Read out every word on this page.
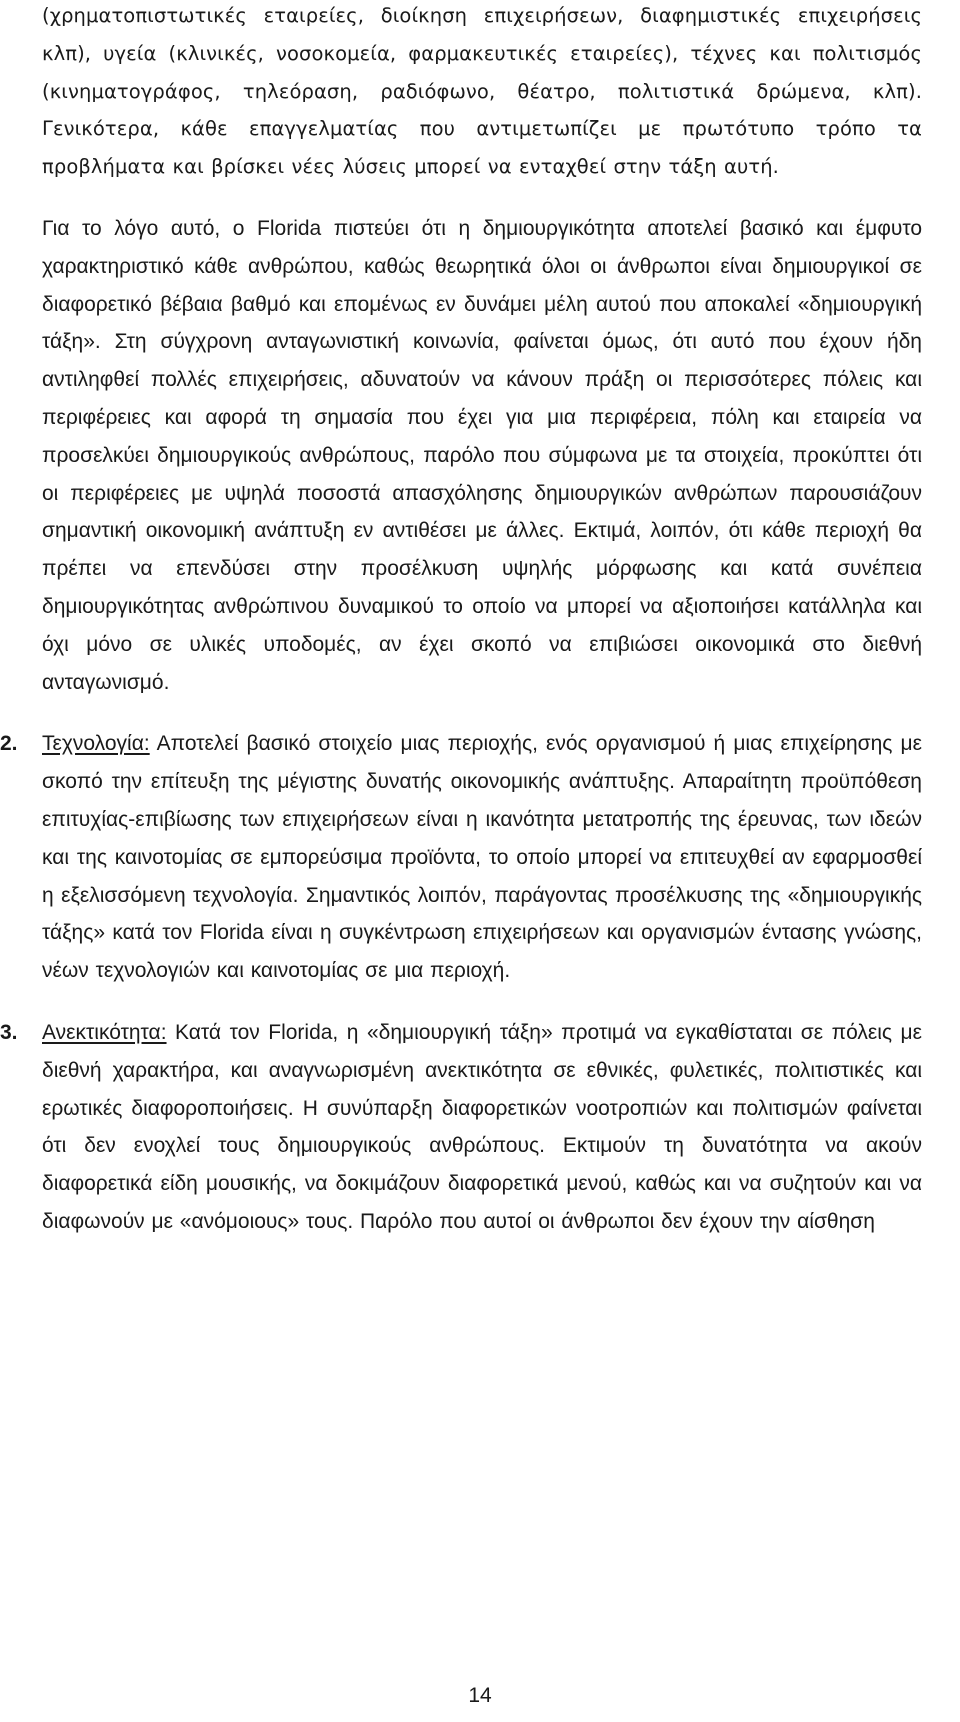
(χρηματοπιστωτικές εταιρείες, διοίκηση επιχειρήσεων, διαφημιστικές επιχειρήσεις κλπ), υγεία (κλινικές, νοσοκομεία, φαρμακευτικές εταιρείες), τέχνες και πολιτισμός (κινηματογράφος, τηλεόραση, ραδιόφωνο, θέατρο, πολιτιστικά δρώμενα, κλπ). Γενικότερα, κάθε επαγγελματίας που αντιμετωπίζει με πρωτότυπο τρόπο τα προβλήματα και βρίσκει νέες λύσεις μπορεί να ενταχθεί στην τάξη αυτή.

Για το λόγο αυτό, ο Florida πιστεύει ότι η δημιουργικότητα αποτελεί βασικό και έμφυτο χαρακτηριστικό κάθε ανθρώπου, καθώς θεωρητικά όλοι οι άνθρωποι είναι δημιουργικοί σε διαφορετικό βέβαια βαθμό και επομένως εν δυνάμει μέλη αυτού που αποκαλεί «δημιουργική τάξη». Στη σύγχρονη ανταγωνιστική κοινωνία, φαίνεται όμως, ότι αυτό που έχουν ήδη αντιληφθεί πολλές επιχειρήσεις, αδυνατούν να κάνουν πράξη οι περισσότερες πόλεις και περιφέρειες και αφορά τη σημασία που έχει για μια περιφέρεια, πόλη και εταιρεία να προσελκύει δημιουργικούς ανθρώπους, παρόλο που σύμφωνα με τα στοιχεία, προκύπτει ότι οι περιφέρειες με υψηλά ποσοστά απασχόλησης δημιουργικών ανθρώπων παρουσιάζουν σημαντική οικονομική ανάπτυξη εν αντιθέσει με άλλες. Εκτιμά, λοιπόν, ότι κάθε περιοχή θα πρέπει να επενδύσει στην προσέλκυση υψηλής μόρφωσης και κατά συνέπεια δημιουργικότητας ανθρώπινου δυναμικού το οποίο να μπορεί να αξιοποιήσει κατάλληλα και όχι μόνο σε υλικές υποδομές, αν έχει σκοπό να επιβιώσει οικονομικά στο διεθνή ανταγωνισμό.

2.	Τεχνολογία: Αποτελεί βασικό στοιχείο μιας περιοχής, ενός οργανισμού ή μιας επιχείρησης με σκοπό την επίτευξη της μέγιστης δυνατής οικονομικής ανάπτυξης. Απαραίτητη προϋπόθεση επιτυχίας-επιβίωσης των επιχειρήσεων είναι η ικανότητα μετατροπής της έρευνας, των ιδεών και της καινοτομίας σε εμπορεύσιμα προϊόντα, το οποίο μπορεί να επιτευχθεί αν εφαρμοσθεί η εξελισσόμενη τεχνολογία. Σημαντικός λοιπόν, παράγοντας προσέλκυσης της «δημιουργικής τάξης» κατά τον Florida είναι η συγκέντρωση επιχειρήσεων και οργανισμών έντασης γνώσης, νέων τεχνολογιών και καινοτομίας σε μια περιοχή.

3.	Ανεκτικότητα: Κατά τον Florida, η «δημιουργική τάξη» προτιμά να εγκαθίσταται σε πόλεις με διεθνή χαρακτήρα, και αναγνωρισμένη ανεκτικότητα σε εθνικές, φυλετικές, πολιτιστικές και ερωτικές διαφοροποιήσεις. Η συνύπαρξη διαφορετικών νοοτροπιών και πολιτισμών φαίνεται ότι δεν ενοχλεί τους δημιουργικούς ανθρώπους. Εκτιμούν τη δυνατότητα να ακούν διαφορετικά είδη μουσικής, να δοκιμάζουν διαφορετικά μενού, καθώς και να συζητούν και να διαφωνούν με «ανόμοιους» τους. Παρόλο που αυτοί οι άνθρωποι δεν έχουν την αίσθηση

14
